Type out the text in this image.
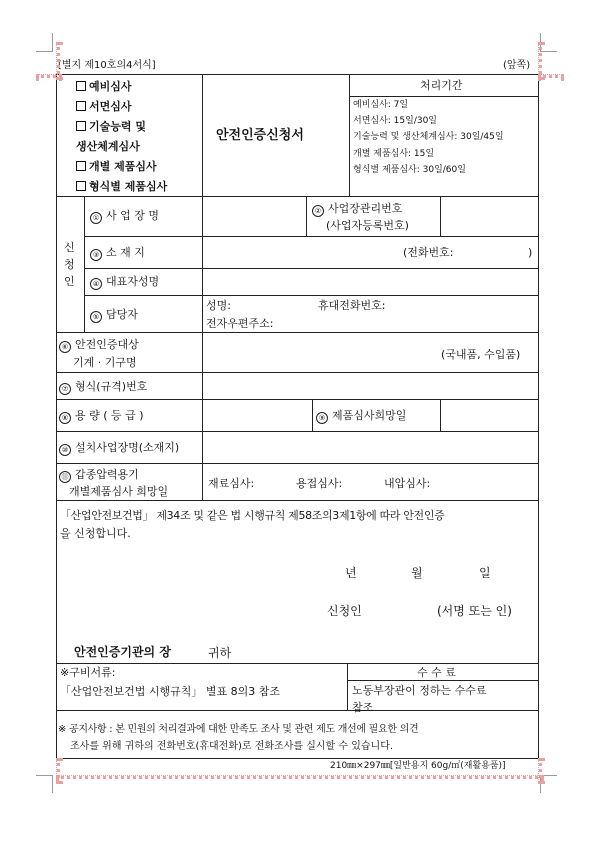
[별지 제10호의4서식]	(앞쪽)
예비심사
서면심사
기술능력 및
생산체계심사
개별 제품심사
형식별 제품심사
안전인증신청서
처리기간
예비심사: 7일
서면심사: 15일/30일
기술능력 및 생산체계심사: 30일/45일
개별 제품심사: 15일
형식별 제품심사: 30일/60일
신
청
인
① 사 업 장 명	② 사업장관리번호
(사업자등록번호)
③ 소 재 지	(전화번호:	)
④ 대표자성명
⑤ 담당자
성명:	휴대전화번호:
전자우편주소:
⑥ 안전인증대상
기계 · 기구명
(국내품, 수입품)
⑦ 형식(규격)번호
⑧ 용 량 ( 등 급 )	⑨ 제품심사희망일
⑩ 설치사업장명(소재지)
⑪ 갑종압력용기
개별제품심사 희망일
재료심사:	용접심사:	내압심사:
「산업안전보건법」 제34조 및 같은 법 시행규칙 제58조의3제1항에 따라 안전인증
을 신청합니다.
년	월	일
신청인	(서명 또는 인)
안전인증기관의 장	귀하
※구비서류:
「산업안전보건법 시행규칙」 별표 8의3 참조
수 수 료
노동부장관이 정하는 수수료
참조
※ 공지사항 : 본 민원의 처리결과에 대한 만족도 조사 및 관련 제도 개선에 필요한 의견
조사를 위해 귀하의 전화번호(휴대전화)로 전화조사를 실시할 수 있습니다.
210㎜×297㎜[일반용지 60g/㎡(재활용품)]
